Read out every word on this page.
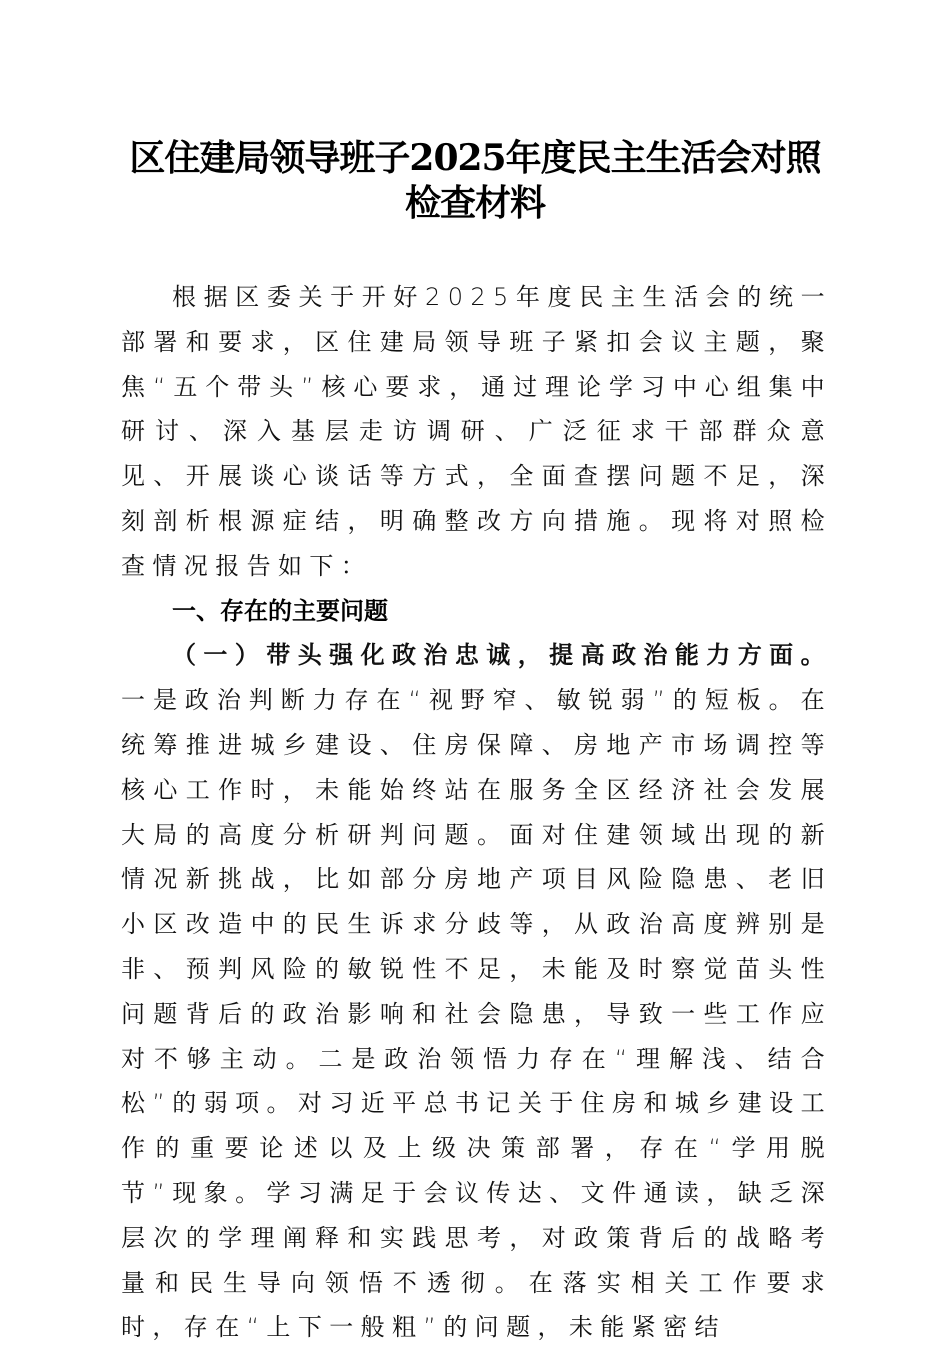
区住建局领导班子2025年度民主生活会对照
检查材料

根据区委关于开好2025年度民主生活会的统一部署和要求，区住建局领导班子紧扣会议主题，聚焦“五个带头”核心要求，通过理论学习中心组集中研讨、深入基层走访调研、广泛征求干部群众意见、开展谈心谈话等方式，全面查摆问题不足，深刻剖析根源症结，明确整改方向措施。现将对照检查情况报告如下：

一、存在的主要问题

（一）带头强化政治忠诚，提高政治能力方面。一是政治判断力存在“视野窄、敏锐弱”的短板。在统筹推进城乡建设、住房保障、房地产市场调控等核心工作时，未能始终站在服务全区经济社会发展大局的高度分析研判问题。面对住建领域出现的新情况新挑战，比如部分房地产项目风险隐患、老旧小区改造中的民生诉求分歧等，从政治高度辨别是非、预判风险的敏锐性不足，未能及时察觉苗头性问题背后的政治影响和社会隐患，导致一些工作应对不够主动。二是政治领悟力存在“理解浅、结合松”的弱项。对习近平总书记关于住房和城乡建设工作的重要论述以及上级决策部署，存在“学用脱节”现象。学习满足于会议传达、文件通读，缺乏深层次的学理阐释和实践思考，对政策背后的战略考量和民生导向领悟不透彻。在落实相关工作要求时，存在“上下一般粗”的问题，未能紧密结
